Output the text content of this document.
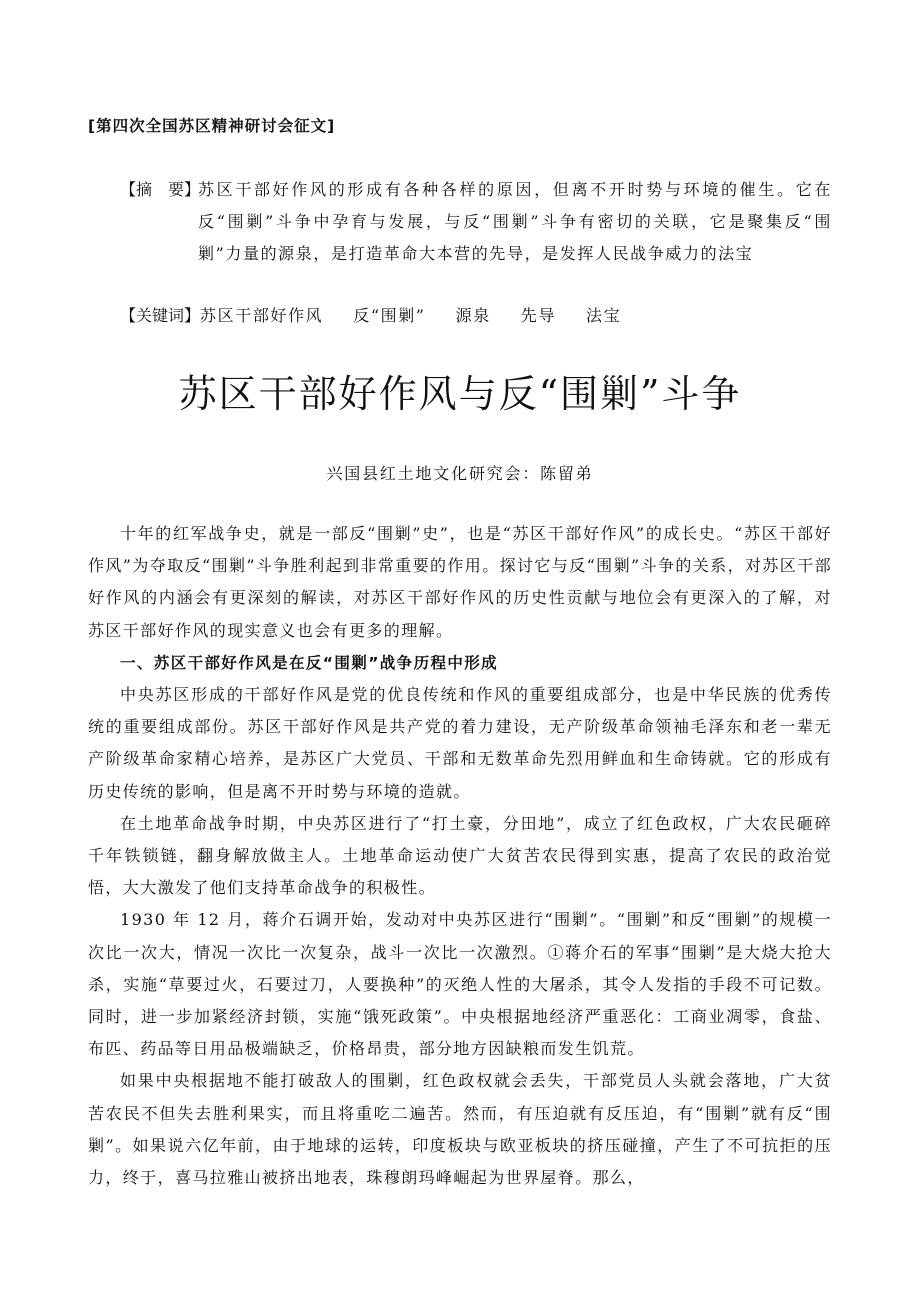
[第四次全国苏区精神研讨会征文]
【摘　要】
苏区干部好作风的形成有各种各样的原因，但离不开时势与环境的催生。它在反“围剿”斗争中孕育与发展，与反“围剿”斗争有密切的关联，它是聚集反“围剿”力量的源泉，是打造革命大本营的先导，是发挥人民战争威力的法宝
【关键词】苏区干部好作风 反“围剿” 源泉 先导 法宝
苏区干部好作风与反“围剿”斗争
兴国县红土地文化研究会：陈留弟

十年的红军战争史，就是一部反“围剿”史”，也是“苏区干部好作风”的成长史。“苏区干部好作风”为夺取反“围剿”斗争胜利起到非常重要的作用。探讨它与反“围剿”斗争的关系，对苏区干部好作风的内涵会有更深刻的解读，对苏区干部好作风的历史性贡献与地位会有更深入的了解，对苏区干部好作风的现实意义也会有更多的理解。

一、苏区干部好作风是在反“围剿”战争历程中形成

中央苏区形成的干部好作风是党的优良传统和作风的重要组成部分，也是中华民族的优秀传统的重要组成部份。苏区干部好作风是共产党的着力建设，无产阶级革命领袖毛泽东和老一辈无产阶级革命家精心培养，是苏区广大党员、干部和无数革命先烈用鲜血和生命铸就。它的形成有历史传统的影响，但是离不开时势与环境的造就。

在土地革命战争时期，中央苏区进行了“打土豪，分田地”，成立了红色政权，广大农民砸碎千年铁锁链，翻身解放做主人。土地革命运动使广大贫苦农民得到实惠，提高了农民的政治觉悟，大大激发了他们支持革命战争的积极性。

1930 年 12 月，蒋介石调开始，发动对中央苏区进行“围剿”。“围剿”和反“围剿”的规模一次比一次大，情况一次比一次复杂，战斗一次比一次激烈。①蒋介石的军事“围剿”是大烧大抢大杀，实施“草要过火，石要过刀，人要换种”的灭绝人性的大屠杀，其令人发指的手段不可记数。同时，进一步加紧经济封锁，实施“饿死政策”。中央根据地经济严重恶化：工商业凋零，食盐、布匹、药品等日用品极端缺乏，价格昂贵，部分地方因缺粮而发生饥荒。

如果中央根据地不能打破敌人的围剿，红色政权就会丢失，干部党员人头就会落地，广大贫苦农民不但失去胜利果实，而且将重吃二遍苦。然而，有压迫就有反压迫，有“围剿”就有反“围剿”。如果说六亿年前，由于地球的运转，印度板块与欧亚板块的挤压碰撞，产生了不可抗拒的压力，终于，喜马拉雅山被挤出地表，珠穆朗玛峰崛起为世界屋脊。那么，
